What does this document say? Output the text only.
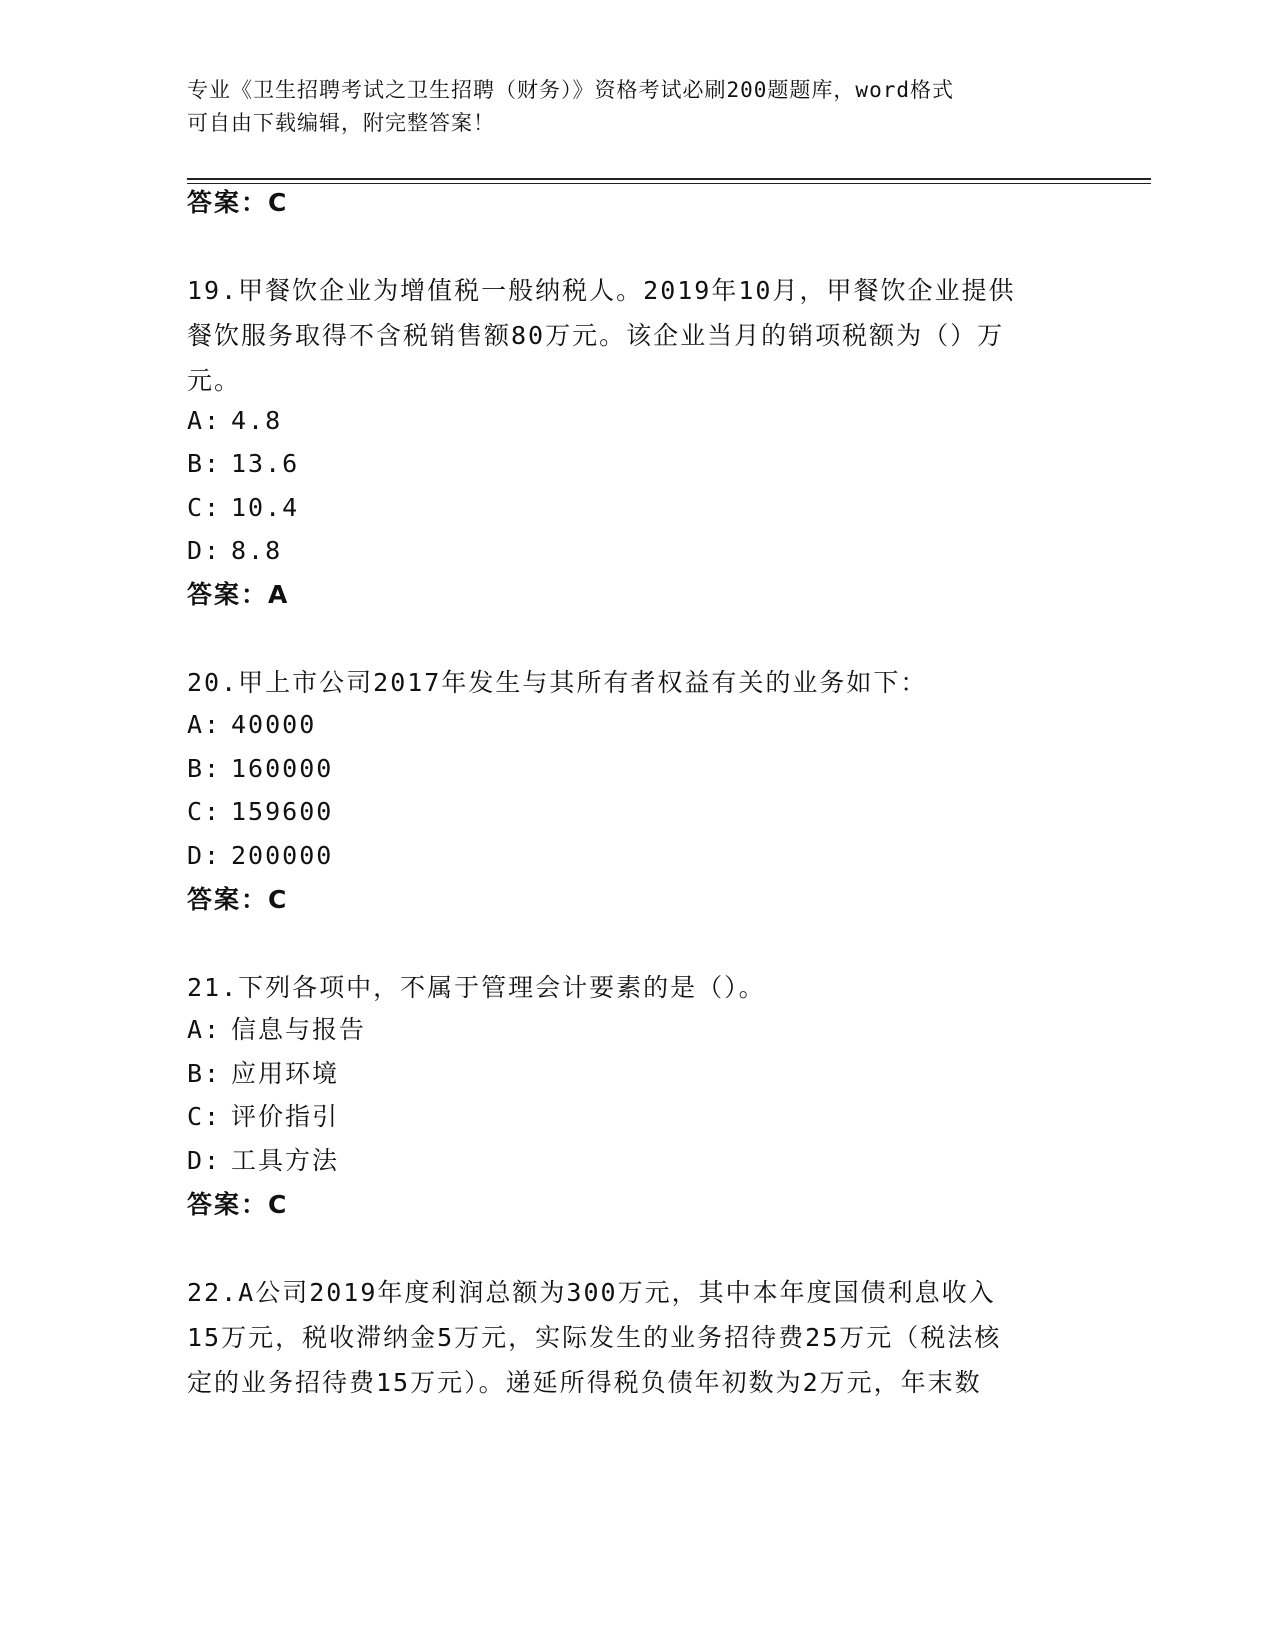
专业《卫生招聘考试之卫生招聘（财务）》资格考试必刷200题题库，word格式
可自由下载编辑，附完整答案！
答案：C
19.甲餐饮企业为增值税一般纳税人。2019年10月，甲餐饮企业提供
餐饮服务取得不含税销售额80万元。该企业当月的销项税额为（）万
元。
A: 4.8
B: 13.6
C: 10.4
D: 8.8
答案：A
20.甲上市公司2017年发生与其所有者权益有关的业务如下：
A: 40000
B: 160000
C: 159600
D: 200000
答案：C
21.下列各项中，不属于管理会计要素的是（）。
A: 信息与报告
B: 应用环境
C: 评价指引
D: 工具方法
答案：C
22.A公司2019年度利润总额为300万元，其中本年度国债利息收入
15万元，税收滞纳金5万元，实际发生的业务招待费25万元（税法核
定的业务招待费15万元）。递延所得税负债年初数为2万元，年末数
